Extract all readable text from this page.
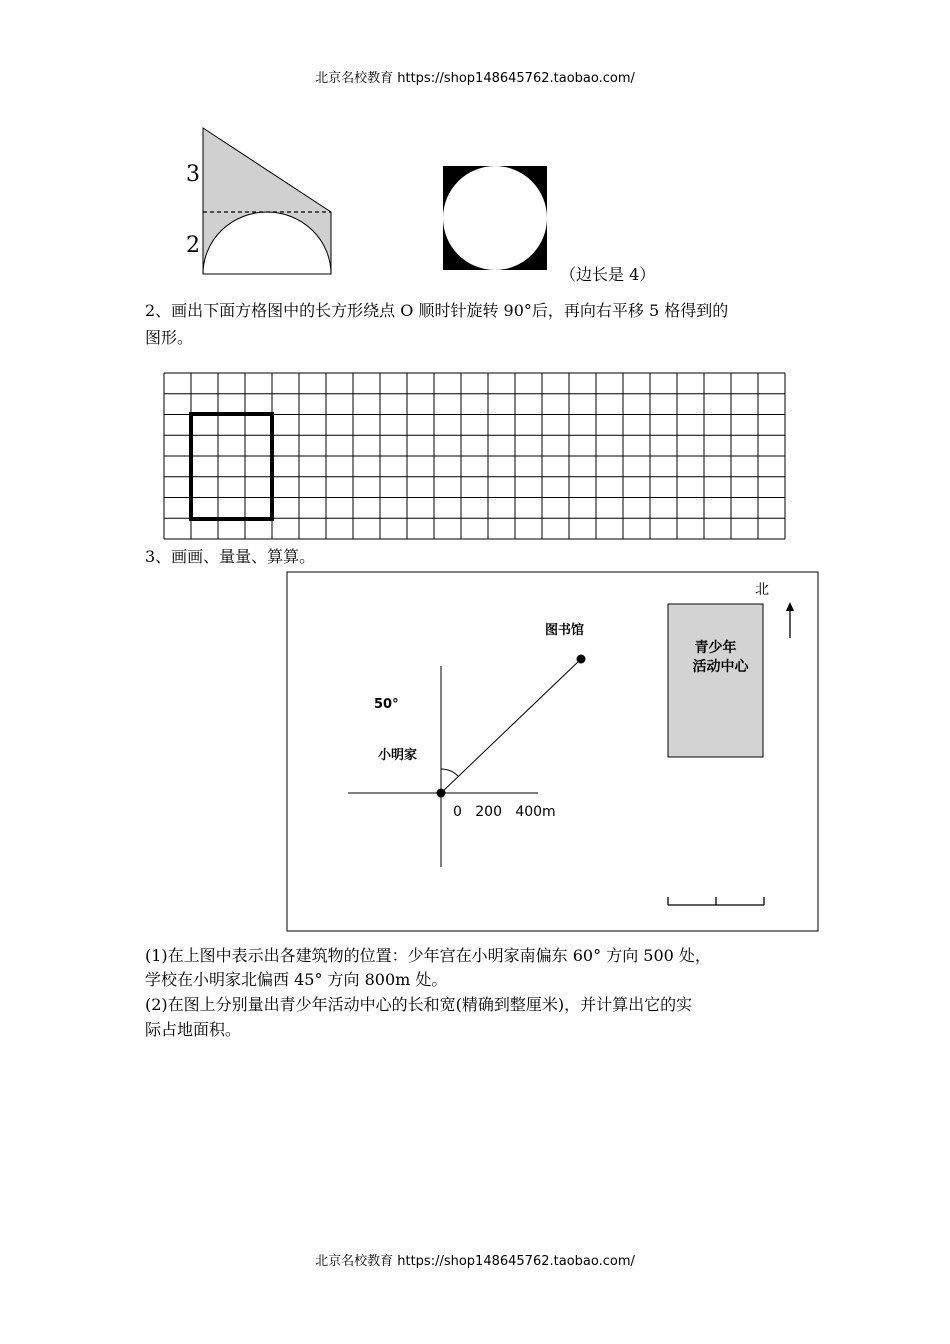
北京名校教育 https://shop148645762.taobao.com/
3
2
（边长是 4）
2、画出下面方格图中的长方形绕点 O 顺时针旋转 90°后，再向右平移 5 格得到的
图形。
3、画画、量量、算算。
北
图书馆
青少年
活动中心
50°
小明家
0   200   400m
(1)在上图中表示出各建筑物的位置：少年宫在小明家南偏东 60° 方向 500 处，
学校在小明家北偏西 45° 方向 800m 处。
(2)在图上分别量出青少年活动中心的长和宽(精确到整厘米)，并计算出它的实
际占地面积。
北京名校教育 https://shop148645762.taobao.com/
